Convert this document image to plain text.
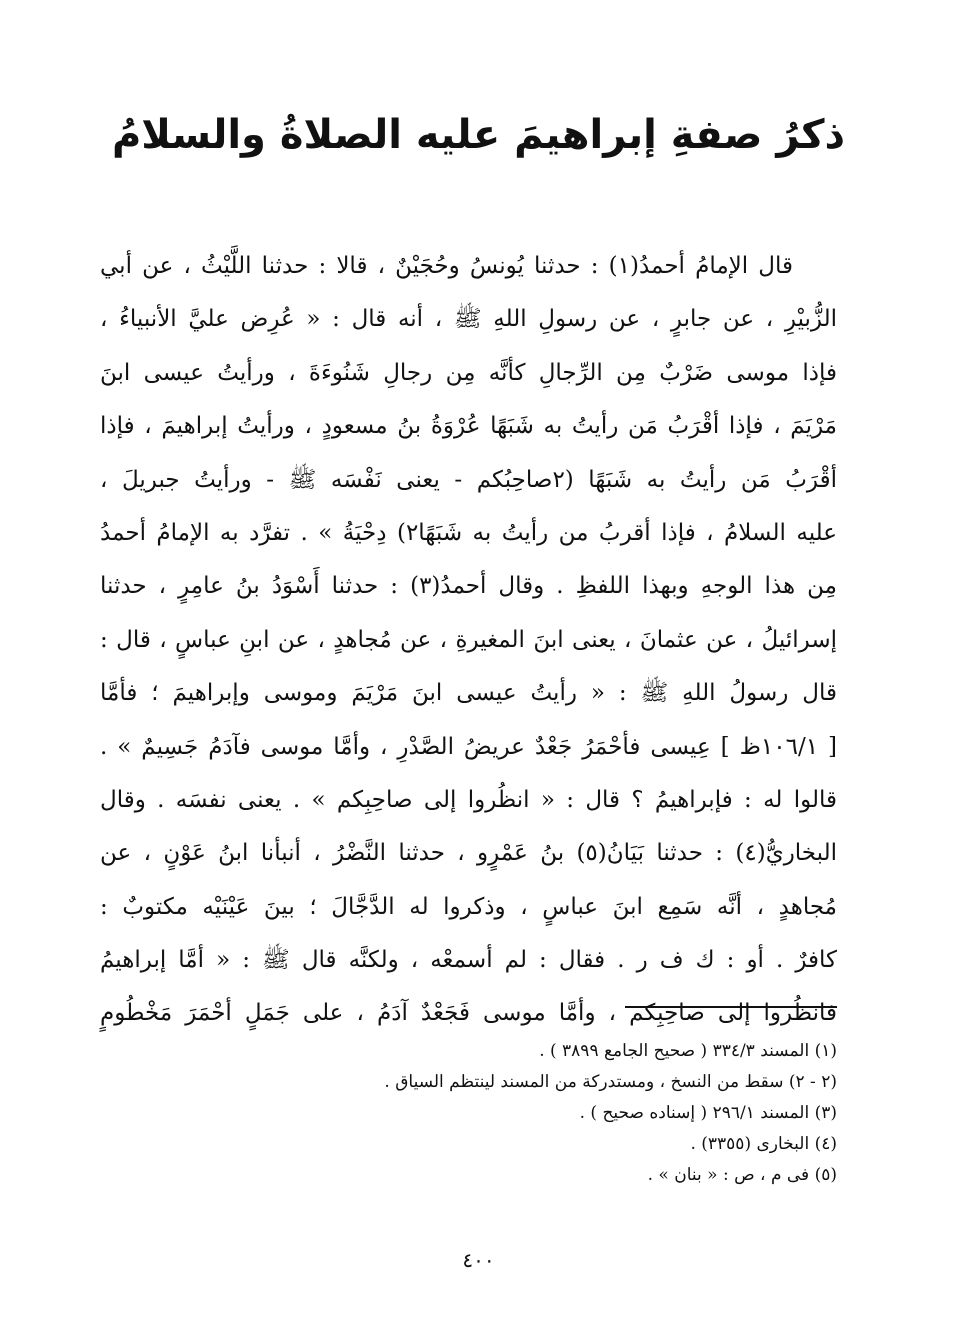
ذكرُ صفةِ إبراهيمَ عليه الصلاةُ والسلامُ
قال الإمامُ أحمدُ(١) : حدثنا يُونسُ وحُجَيْنٌ ، قالا : حدثنا اللَّيْثُ ، عن أبي
الزُّبيْرِ ، عن جابرٍ ، عن رسولِ اللهِ ﷺ ، أنه قال : « عُرِض عليَّ الأنبياءُ ،
فإذا موسى ضَرْبٌ مِن الرِّجالِ كأنَّه مِن رجالِ شَنُوءَةَ ، ورأيتُ عيسى ابنَ
مَرْيَمَ ، فإذا أقْرَبُ مَن رأيتُ به شَبَهًا عُرْوَةُ بنُ مسعودٍ ، ورأيتُ إبراهيمَ ، فإذا
أقْرَبُ مَن رأيتُ به شَبَهًا (٢صاحِبُكم - يعنى نَفْسَه ﷺ - ورأيتُ جبريلَ ،
عليه السلامُ ، فإذا أقربُ من رأيتُ به شَبَهًا٢) دِحْيَةُ » . تفرَّد به الإمامُ أحمدُ
مِن هذا الوجهِ وبهذا اللفظِ . وقال أحمدُ(٣) : حدثنا أَسْوَدُ بنُ عامِرٍ ، حدثنا
إسرائيلُ ، عن عثمانَ ، يعنى ابنَ المغيرةِ ، عن مُجاهدٍ ، عن ابنِ عباسٍ ، قال :
قال رسولُ اللهِ ﷺ : « رأيتُ عيسى ابنَ مَرْيَمَ وموسى وإبراهيمَ ؛ فأمَّا
[ ١٠٦/١ظ ] عِيسى فأحْمَرُ جَعْدٌ عريضُ الصَّدْرِ ، وأمَّا موسى فآدَمُ جَسِيمٌ » .
قالوا له : فإبراهيمُ ؟ قال : « انظُروا إلى صاحِبِكم » . يعنى نفسَه . وقال
البخاريُّ(٤) : حدثنا بَيَانُ(٥) بنُ عَمْرٍو ، حدثنا النَّضْرُ ، أنبأنا ابنُ عَوْنٍ ، عن
مُجاهدٍ ، أنَّه سَمِع ابنَ عباسٍ ، وذكروا له الدَّجَّالَ ؛ بينَ عَيْنَيْه مكتوبٌ :
كافرٌ . أو : ك ف ر . فقال : لم أسمعْه ، ولكنَّه قال ﷺ : « أمَّا إبراهيمُ
فانظُروا إلى صاحِبِكم ، وأمَّا موسى فَجَعْدٌ آدَمُ ، على جَمَلٍ أحْمَرَ مَخْطُومٍ
(١) المسند ٣٣٤/٣ ( صحيح الجامع ٣٨٩٩ ) .
(٢ - ٢) سقط من النسخ ، ومستدركة من المسند لينتظم السياق .
(٣) المسند ٢٩٦/١ ( إسناده صحيح ) .
(٤) البخارى (٣٣٥٥) .
(٥) فى م ، ص : « بنان » .
٤٠٠
